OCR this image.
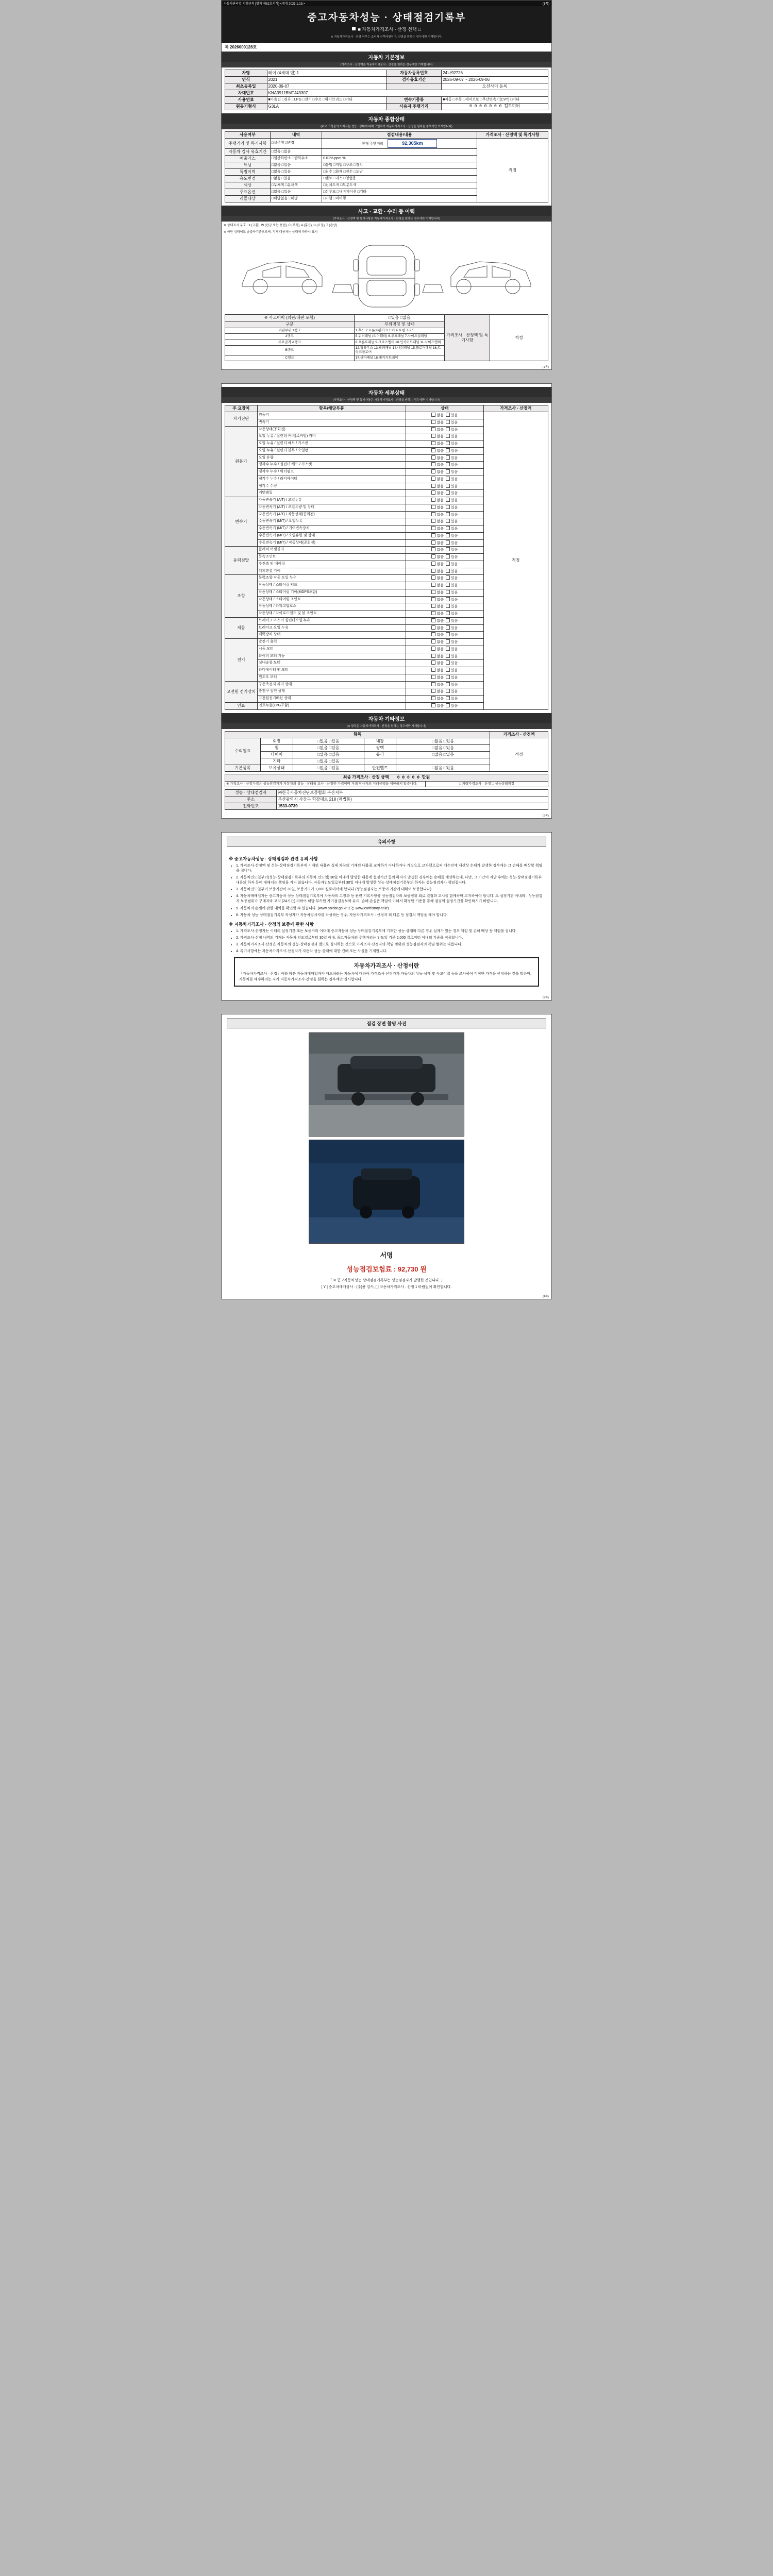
자동차관리법 시행규칙 [별지 제82호서식] <개정 2021.1.19.>	(1쪽)
중고자동차성능 · 상태점검기록부
■ 자동차가격조사 · 산정 선택 □
※ 자동차가격조사 · 산정 여부는 소비자 선택사항이며, 산정을 원하는 경우에만 기재합니다.
제 2026000128호
자동차 기본정보
(가격조사 · 산정액은 자동차가격조사 · 산정을 원하는 경우에만 기재합니다)
차명	레이 (4세대 밴) 1	자동차등록번호	24나92726
연식	2021	검사유효기간	2026-09-07 ~ 2026-09-06
최초등록일	2020-09-07		오션사이 등록
차대번호	KNA3911BMTJ43307		
사용연료	■가솔린 □경유 □LPG □전기 □수소 □하이브리드 □기타	변속기종류	■자동 □수동 □세미오토 □무단변속기(CVT) □기타
원동기형식	G3LA	사용자 주행거리	0 0 0 0 0 0 0 킬로미터
자동차 종합상태
(주요 구성품의 기재사는 성능 · 상태에 대해 구입자가 자동차가격조사 · 산정을 원하는 경우에만 기재합니다)
사용여부	내역	점검내용/내용	가격조사 · 산정액 및 특기사항
주행거리 및 특기사항	□실주행 □변경	현재 주행거리 92,305km	적정
자동차 검사 유효기간	□있음 □없음		
배출가스	□일산화탄소 □탄화수소	0.01% ppm %	
튜닝	□없음 □있음	□불법 □적법 □구조 □장치	
특별이력	□없음 □있음	□침수 □화재 □전손 □도난	
용도변경	□없음 □있음	□렌트 □리스 □영업용	
색상	□무채색 □유채색	□전체도색 □부분도색	
주요옵션	□없음 □있음	□선루프 □내비게이션 □기타	
리콜대상	□해당없음 □해당	□이행 □미이행	
사고 · 교환 · 수리 등 이력
(가격조사 · 산정액 및 특기사항은 자동차가격조사 · 산정을 원하는 경우에만 기재합니다)
※ 상태표시 부호 : X (교환), W (판금 또는 용접), C (부식), A (흠집), U (요철), T (손상)
※ 하단 상태에도 송출하기준으로써, 기재 대용차는 상태에 따라서 표시
※ 사고이력 (외판/내판 포함)	□있음 □없음	가격조사 · 산정액 및 특기사항	적정
구분	부위명칭 및 상태		
외판부위 1랭크	1.후드 2.프론트휀더 3.도어 4.트렁크리드		
2랭크	5.쿼터패널 (리어휀더) 6.루프패널 7.사이드실패널		
주요골격 A랭크	8.프론트패널 9.크로스멤버 10.인사이드패널 11.사이드멤버		
B랭크	12.휠하우스 13.필러패널 14.대쉬패널 15.플로어패널 16.트렁크플로어		
C랭크	17.리어패널 18.패키지트레이		
(1쪽)
자동차 세부상태
(가격조사 · 산정액 및 특기사항은 자동차가격조사 · 산정을 원하는 경우에만 기재합니다)
주 요장치	항목/해당부품	상태	가격조사 · 산정액
자기진단	원동기	없음  있음	적정
	변속기	없음  있음	
원동기	작동상태(공회전)	없음  있음	
	오일 누유 / 실린더 커버(로커암) 커버	없음  있음	
	오일 누유 / 실린더 헤드 / 가스켓	없음  있음	
	오일 누유 / 실린더 블록 / 오일팬	없음  있음	
	오일 유량	없음  있음	
	냉각수 누수 / 실린더 헤드 / 가스켓	없음  있음	
	냉각수 누수 / 워터펌프	없음  있음	
	냉각수 누수 / 라디에이터	없음  있음	
	냉각수 수량	없음  있음	
	커먼레일	없음  있음	
변속기	자동변속기 (A/T) / 오일누유	없음  있음	
	자동변속기 (A/T) / 오일유량 및 상태	없음  있음	
	자동변속기 (A/T) / 작동상태(공회전)	없음  있음	
	수동변속기 (M/T) / 오일누유	없음  있음	
	수동변속기 (M/T) / 기어변속장치	없음  있음	
	수동변속기 (M/T) / 오일유량 및 상태	없음  있음	
	수동변속기 (M/T) / 작동상태(공회전)	없음  있음	
동력전달	클러치 어셈블리	없음  있음	
	등속조인트	없음  있음	
	추진축 및 베어링	없음  있음	
	디퍼렌셜 기어	없음  있음	
조향	동력조향 작동 오일 누유	없음  있음	
	작동상태 / 스티어링 펌프	없음  있음	
	작동상태 / 스티어링 기어(MDPS포함)	없음  있음	
	작동상태 / 스티어링 조인트	없음  있음	
	작동상태 / 파워고압호스	없음  있음	
	작동상태 / 타이로드엔드 및 볼 조인트	없음  있음	
제동	브레이크 마스터 실린더오일 누유	없음  있음	
	브레이크 오일 누유	없음  있음	
	배력장치 상태	없음  있음	
전기	발전기 출력	없음  있음	
	시동 모터	없음  있음	
	와이퍼 모터 기능	없음  있음	
	실내송풍 모터	없음  있음	
	라디에이터 팬 모터	없음  있음	
	윈도우 모터	없음  있음	
고전원 전기장치	구동축전지 격리 상태	없음  있음	
	충전구 절연 상태	없음  있음	
	고전원전기배선 상태	없음  있음	
연료	연료누출(LPG포함)	없음  있음	
자동차 기타정보
(※ 항목은 자동차가격조사 · 산정을 원하는 경우에만 기재합니다)
항목					가격조사 · 산정액
수리필요	외장	□없음 □있음	내장	□없음 □있음	적정
	휠	□없음 □있음	광택	□없음 □있음	
	타이어	□없음 □있음	유리	□없음 □있음	
	기타	□없음 □있음			
기본품목	보유상태	□없음 □있음	안전벨트	□없음 □있음	
최종 가격조사 · 산정 금액 0 0 0 0 0 만원
※ 가격조사 · 산정가격은 성능점검자가 자동차의 성능 · 상태를 조사 · 산정한 가격이며 거래 당사자의 거래금액을 제한하지 않습니다.	□ 차량가격조사 · 산정 □ 성능상태점검
성능 · 상태점검자	㈜한국자동차진단보증협회 부산지부
주소	부산광역시 사상구 학감대로 218 (괘법동)
전화번호	1533-0739
(2쪽)
유의사항
※ 중고자동차성능 · 상태점검과 관련 유의 사항
• 1. 가격조사·산정액 및 성능·상태점검기록부에 기재된 내용과 실제 차량의 기재된 내용을 교차하기 아니하거나 거짓으로 교차했으로써 매수인에 재산상 손해가 발생한 경우에는 그 손해를 배상할 책임을 집니다.
• 2. 자동차인도일부터(성능·상태점검기록부의 자동차 인도일) 30일 이내에 발생한 내용에 설정기간 등의 하자가 발생한 경우에는 손해를 배상하는데, 다만, 그 기간이 지난 후에는 성능·상태점검기록부 내용의 하자 등에 대해서는 책임을 지지 않습니다. 자동차인도일로부터 30일 이내에 발생한 성능·상태점검기록부의 하자는 성능점검자가 책임집니다.
• 3. 자동차인도일부터 보증기간이 30일, 보증거리가 1,000 킬로미터에 합니다 (성능점검자는 보증이 기간에 대하여 보증합니다).
• 4. 자동차매매업자는 중고자동차 성능·상태점검기록부에 자동차의 고장과 등 관련 기록사항을 성능점검자의 보증범위 외로 결정과 고시를 함께하며 고지하여야 합니다. 또 설정기간 이내의 · 성능점검자 보증범위가 구매자와 고지 (24시간) 의하여 해당 부속한 자기점검정보와 유의, 손해 손실은 책임이 이해서 확정한 기준을 통해 점검의 설정기간을 확인하시기 바랍니다.
• 5. 자동차의 손해에 관한 내역을 확인할 수 있습니다. (www.cardat.go.kr 또는 www.carhistory.or.kr)
• 6. 자동차 성능·상태점검기록부 작성자가 자동차검사자를 작성하는 경우, 자동차가격조사 · 산정자 외 다른 등 점검의 책임을 해야 합니다.
※ 자동차가격조사 · 산정의 보증에 관한 사항
• 1. 가격조사·산정자는 이해의 설정기간 또는 보증거리 이내에 중고자동차 성능·상태점검기록부에 기재한 성능·상태와 다른 경우 실제가 있는 경우 책임 및 손해 배상 등 책임을 집니다.
• 2. 가격조사·산정 내역의 기재는 자동차 인도일로부터 30일 이내, 중고자동차의 주행거리는 인도일 기준 2,000 킬로미터 이내의 기준을 적용합니다.
• 3. 자동차가격조사·산정은 자동차의 성능·상태점검과 별도로 실시하는 것으로 가격조사·산정자의 책임 범위와 성능점검자의 책임 범위는 다릅니다.
• 4. 특기사항에는 자동차가격조사·산정자가 자동차 성능·상태에 대한 견해 또는 사실을 기재합니다.
자동차가격조사 · 산정이란
「자동차가격조사 · 산정」이라 함은 자동차매매업자가 매도하려는 자동차에 대하여 가격조사·산정자가 자동차의 성능·상태 및 사고이력 등을 조사하여 적정한 가격을 산정하는 것을 말하며, 자동차를 매수하려는 자가 자동차가격조사·산정을 원하는 경우에만 실시합니다.
(3쪽)
점검 장면 촬영 사진
서명
성능점검보험료 : 92,730 원
「 ※ 중고자동차성능·상태점검기록부는 성능점검자가 발행한 것입니다. 」
[ Y ] 중고차매매상사 · (주)용 검사, [ ] 자동차가격조사 · 산정 1 바랍없이 확인합니다.
(4쪽)
